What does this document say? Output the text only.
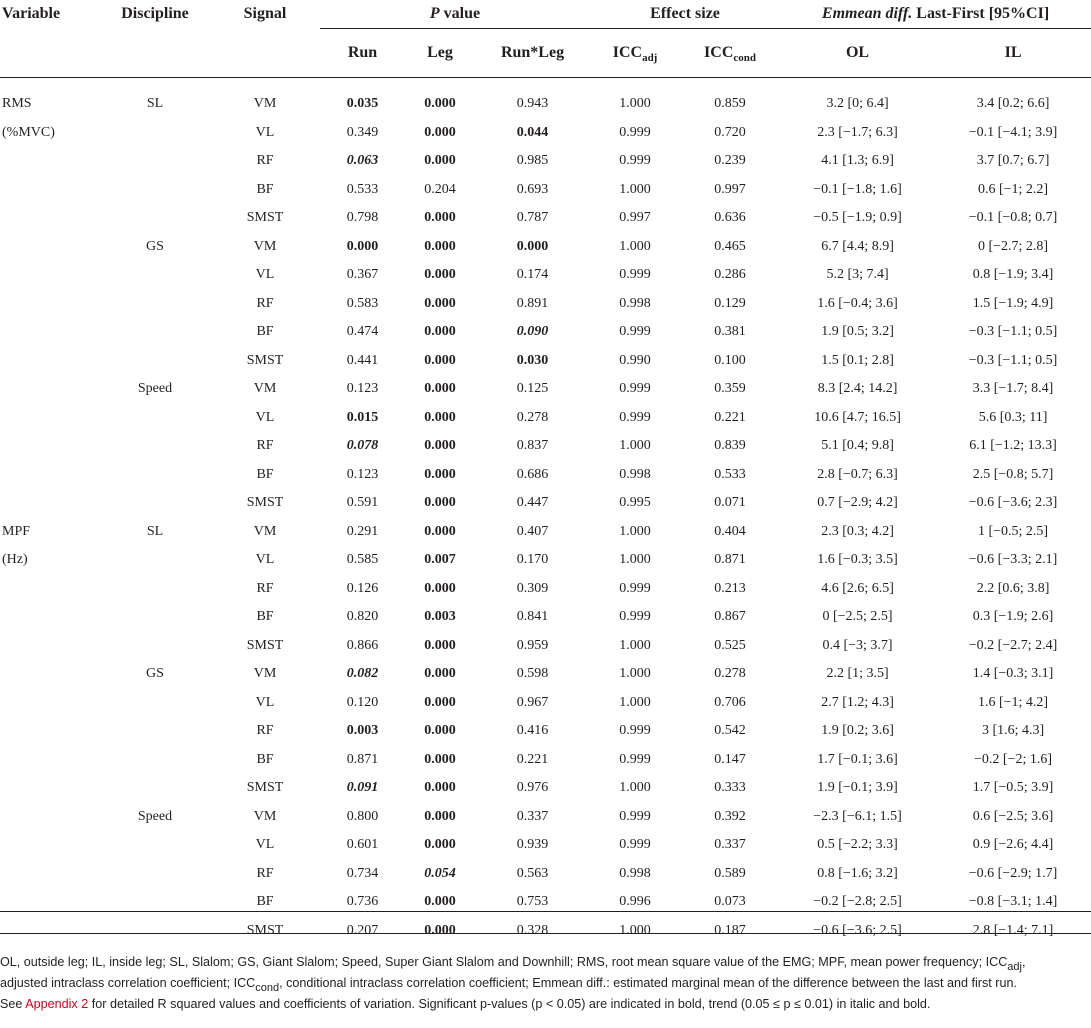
Variable	Discipline	Signal	P value			Effect size		Emmean diff. Last-First [95%CI]	
			Run	Leg	Run*Leg	$ICC_{adj}$	$ICC_{cond}$	OL	IL
RMS	SL	VM	0.035	0.000	0.943	1.000	0.859	3.2 [0; 6.4]	3.4 [0.2; 6.6]
(%MVC)		VL	0.349	0.000	0.044	0.999	0.720	2.3 [−1.7; 6.3]	−0.1 [−4.1; 3.9]
		RF	0.063	0.000	0.985	0.999	0.239	4.1 [1.3; 6.9]	3.7 [0.7; 6.7]
		BF	0.533	0.204	0.693	1.000	0.997	−0.1 [−1.8; 1.6]	0.6 [−1; 2.2]
		SMST	0.798	0.000	0.787	0.997	0.636	−0.5 [−1.9; 0.9]	−0.1 [−0.8; 0.7]
	GS	VM	0.000	0.000	0.000	1.000	0.465	6.7 [4.4; 8.9]	0 [−2.7; 2.8]
		VL	0.367	0.000	0.174	0.999	0.286	5.2 [3; 7.4]	0.8 [−1.9; 3.4]
		RF	0.583	0.000	0.891	0.998	0.129	1.6 [−0.4; 3.6]	1.5 [−1.9; 4.9]
		BF	0.474	0.000	0.090	0.999	0.381	1.9 [0.5; 3.2]	−0.3 [−1.1; 0.5]
		SMST	0.441	0.000	0.030	0.990	0.100	1.5 [0.1; 2.8]	−0.3 [−1.1; 0.5]
	Speed	VM	0.123	0.000	0.125	0.999	0.359	8.3 [2.4; 14.2]	3.3 [−1.7; 8.4]
		VL	0.015	0.000	0.278	0.999	0.221	10.6 [4.7; 16.5]	5.6 [0.3; 11]
		RF	0.078	0.000	0.837	1.000	0.839	5.1 [0.4; 9.8]	6.1 [−1.2; 13.3]
		BF	0.123	0.000	0.686	0.998	0.533	2.8 [−0.7; 6.3]	2.5 [−0.8; 5.7]
		SMST	0.591	0.000	0.447	0.995	0.071	0.7 [−2.9; 4.2]	−0.6 [−3.6; 2.3]
MPF	SL	VM	0.291	0.000	0.407	1.000	0.404	2.3 [0.3; 4.2]	1 [−0.5; 2.5]
(Hz)		VL	0.585	0.007	0.170	1.000	0.871	1.6 [−0.3; 3.5]	−0.6 [−3.3; 2.1]
		RF	0.126	0.000	0.309	0.999	0.213	4.6 [2.6; 6.5]	2.2 [0.6; 3.8]
		BF	0.820	0.003	0.841	0.999	0.867	0 [−2.5; 2.5]	0.3 [−1.9; 2.6]
		SMST	0.866	0.000	0.959	1.000	0.525	0.4 [−3; 3.7]	−0.2 [−2.7; 2.4]
	GS	VM	0.082	0.000	0.598	1.000	0.278	2.2 [1; 3.5]	1.4 [−0.3; 3.1]
		VL	0.120	0.000	0.967	1.000	0.706	2.7 [1.2; 4.3]	1.6 [−1; 4.2]
		RF	0.003	0.000	0.416	0.999	0.542	1.9 [0.2; 3.6]	3 [1.6; 4.3]
		BF	0.871	0.000	0.221	0.999	0.147	1.7 [−0.1; 3.6]	−0.2 [−2; 1.6]
		SMST	0.091	0.000	0.976	1.000	0.333	1.9 [−0.1; 3.9]	1.7 [−0.5; 3.9]
	Speed	VM	0.800	0.000	0.337	0.999	0.392	−2.3 [−6.1; 1.5]	0.6 [−2.5; 3.6]
		VL	0.601	0.000	0.939	0.999	0.337	0.5 [−2.2; 3.3]	0.9 [−2.6; 4.4]
		RF	0.734	0.054	0.563	0.998	0.589	0.8 [−1.6; 3.2]	−0.6 [−2.9; 1.7]
		BF	0.736	0.000	0.753	0.996	0.073	−0.2 [−2.8; 2.5]	−0.8 [−3.1; 1.4]
		SMST	0.207	0.000	0.328	1.000	0.187	−0.6 [−3.6; 2.5]	2.8 [−1.4; 7.1]
OL, outside leg; IL, inside leg; SL, Slalom; GS, Giant Slalom; Speed, Super Giant Slalom and Downhill; RMS, root mean square value of the EMG; MPF, mean power frequency; $ICC_{adj}$,
adjusted intraclass correlation coefficient; $ICC_{cond}$, conditional intraclass correlation coefficient; Emmean diff.: estimated marginal mean of the difference between the last and first run.
See Appendix 2 for detailed R squared values and coefficients of variation. Significant p-values (p < 0.05) are indicated in bold, trend (0.05 ≤ p ≤ 0.01) in italic and bold.
